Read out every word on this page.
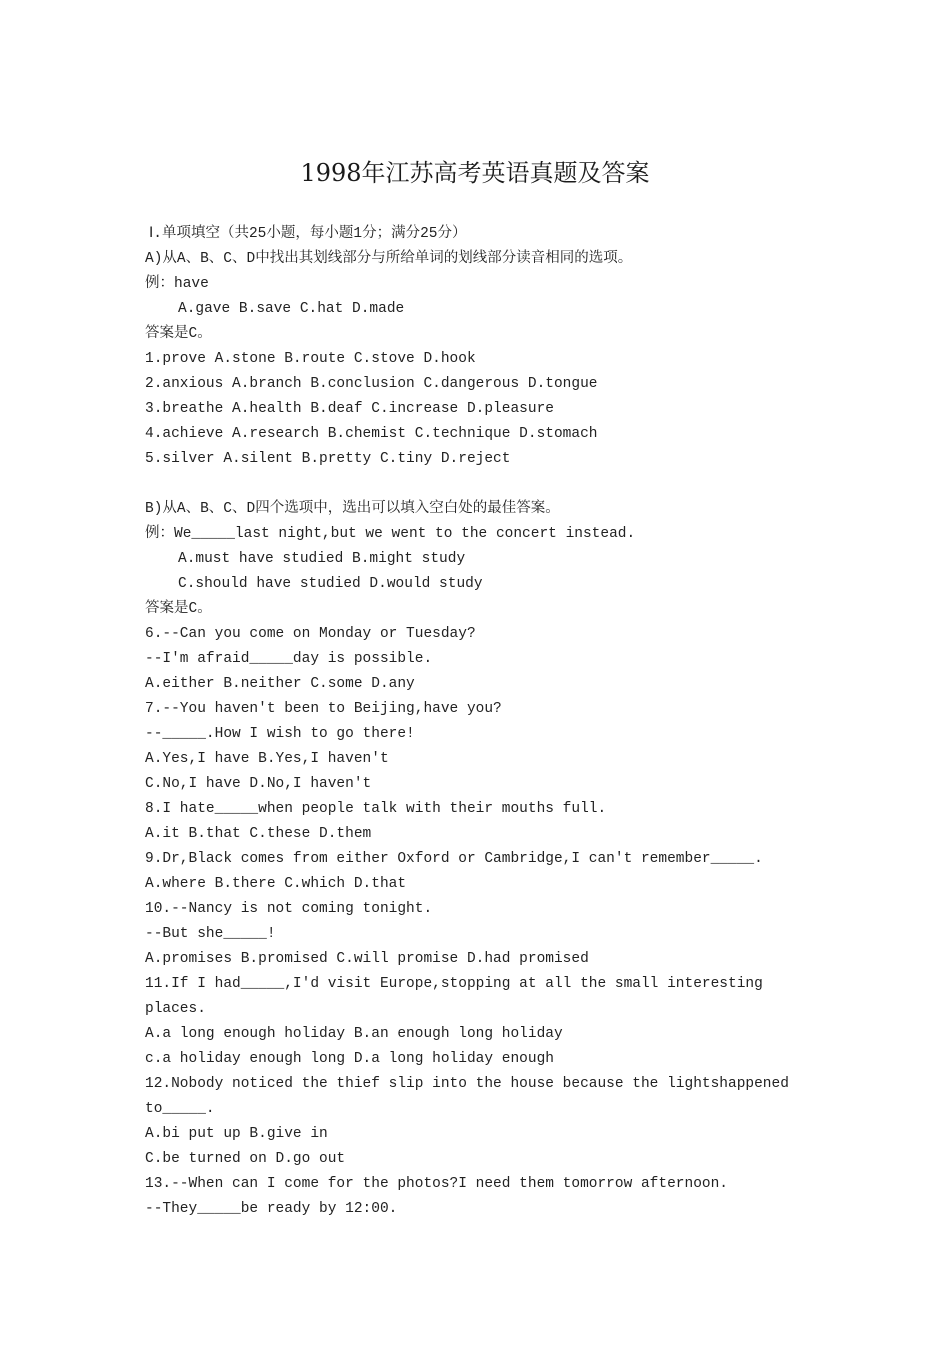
1998年江苏高考英语真题及答案
Ⅰ.单项填空（共25小题，每小题1分；满分25分）
A)从A、B、C、D中找出其划线部分与所给单词的划线部分读音相同的选项。
例：have
A.gave B.save C.hat D.made
答案是C。
1.prove A.stone B.route C.stove D.hook
2.anxious A.branch B.conclusion C.dangerous D.tongue
3.breathe A.health B.deaf C.increase D.pleasure
4.achieve A.research B.chemist C.technique D.stomach
5.silver A.silent B.pretty C.tiny D.reject
B)从A、B、C、D四个选项中，选出可以填入空白处的最佳答案。
例：We_____last night,but we went to the concert instead.
A.must have studied B.might study
C.should have studied D.would study
答案是C。
6.--Can you come on Monday or Tuesday?
--I'm afraid_____day is possible.
A.either B.neither C.some D.any
7.--You haven't been to Beijing,have you?
--_____.How I wish to go there!
A.Yes,I have B.Yes,I haven't
C.No,I have D.No,I haven't
8.I hate_____when people talk with their mouths full.
A.it B.that C.these D.them
9.Dr,Black comes from either Oxford or Cambridge,I can't remember_____.
A.where B.there C.which D.that
10.--Nancy is not coming tonight.
--But she_____!
A.promises B.promised C.will promise D.had promised
11.If I had_____,I'd visit Europe,stopping at all the small interesting
places.
A.a long enough holiday B.an enough long holiday
c.a holiday enough long D.a long holiday enough
12.Nobody noticed the thief slip into the house because the lightshappened
to_____.
A.bi put up B.give in
C.be turned on D.go out
13.--When can I come for the photos?I need them tomorrow afternoon.
--They_____be ready by 12:00.
